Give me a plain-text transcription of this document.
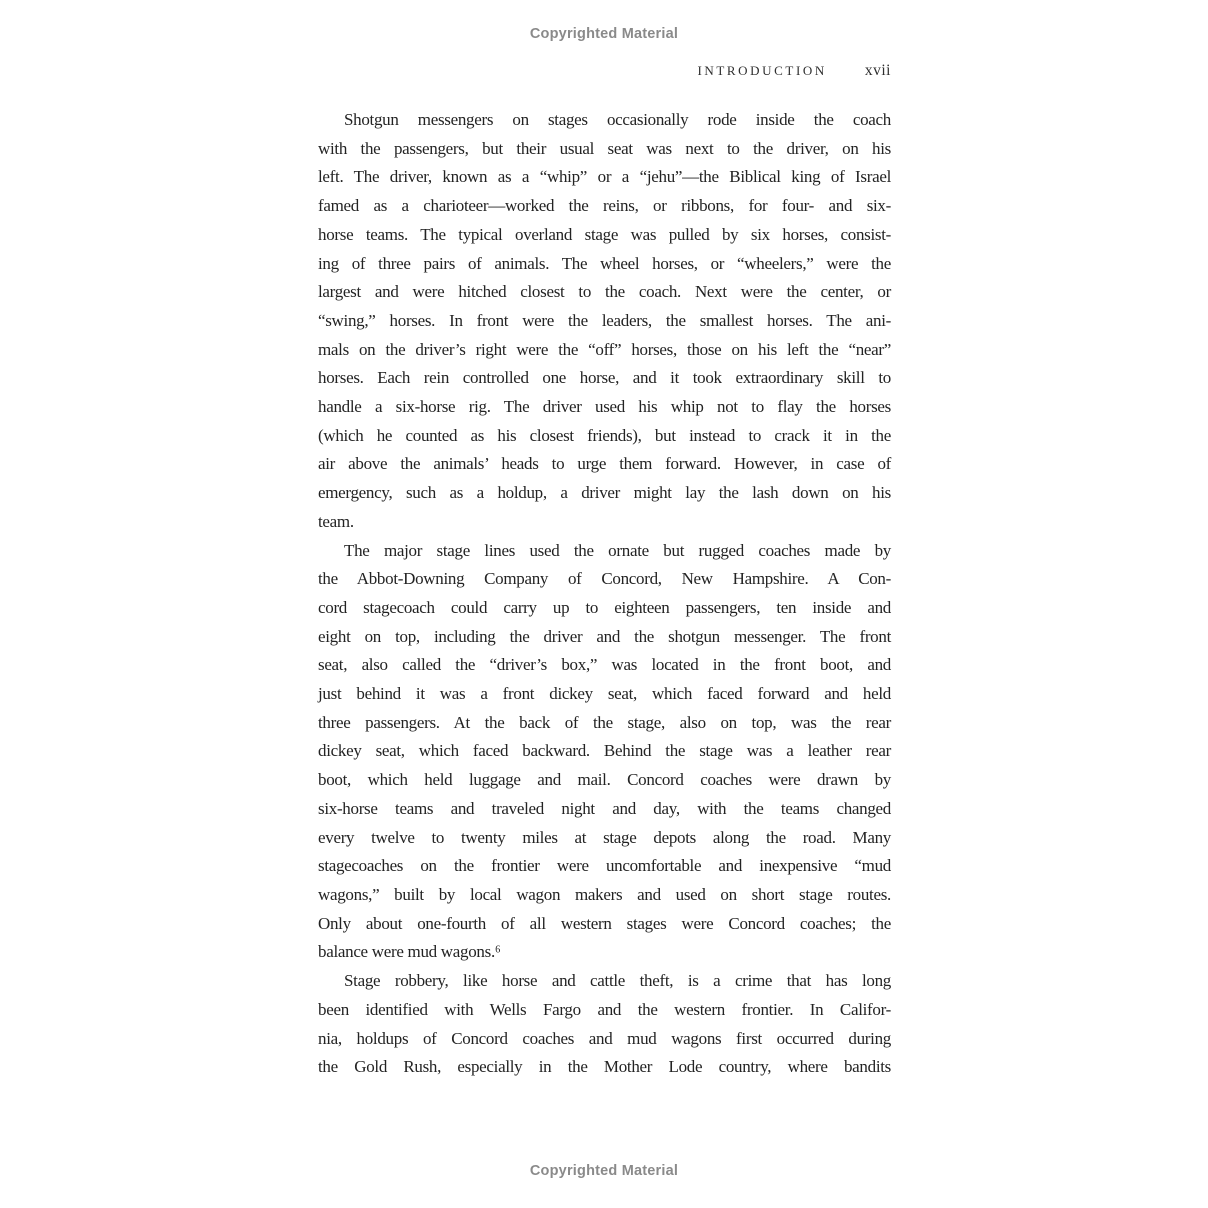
Copyrighted Material
INTRODUCTION xvii
Shotgun messengers on stages occasionally rode inside the coach
with the passengers, but their usual seat was next to the driver, on his
left. The driver, known as a “whip” or a “jehu”—the Biblical king of Israel
famed as a charioteer—worked the reins, or ribbons, for four- and six-
horse teams. The typical overland stage was pulled by six horses, consist-
ing of three pairs of animals. The wheel horses, or “wheelers,” were the
largest and were hitched closest to the coach. Next were the center, or
“swing,” horses. In front were the leaders, the smallest horses. The ani-
mals on the driver’s right were the “off” horses, those on his left the “near”
horses. Each rein controlled one horse, and it took extraordinary skill to
handle a six-horse rig. The driver used his whip not to flay the horses
(which he counted as his closest friends), but instead to crack it in the
air above the animals’ heads to urge them forward. However, in case of
emergency, such as a holdup, a driver might lay the lash down on his
team.
The major stage lines used the ornate but rugged coaches made by
the Abbot-Downing Company of Concord, New Hampshire. A Con-
cord stagecoach could carry up to eighteen passengers, ten inside and
eight on top, including the driver and the shotgun messenger. The front
seat, also called the “driver’s box,” was located in the front boot, and
just behind it was a front dickey seat, which faced forward and held
three passengers. At the back of the stage, also on top, was the rear
dickey seat, which faced backward. Behind the stage was a leather rear
boot, which held luggage and mail. Concord coaches were drawn by
six-horse teams and traveled night and day, with the teams changed
every twelve to twenty miles at stage depots along the road. Many
stagecoaches on the frontier were uncomfortable and inexpensive “mud
wagons,” built by local wagon makers and used on short stage routes.
Only about one-fourth of all western stages were Concord coaches; the
balance were mud wagons.⁶
Stage robbery, like horse and cattle theft, is a crime that has long
been identified with Wells Fargo and the western frontier. In Califor-
nia, holdups of Concord coaches and mud wagons first occurred during
the Gold Rush, especially in the Mother Lode country, where bandits
Copyrighted Material
